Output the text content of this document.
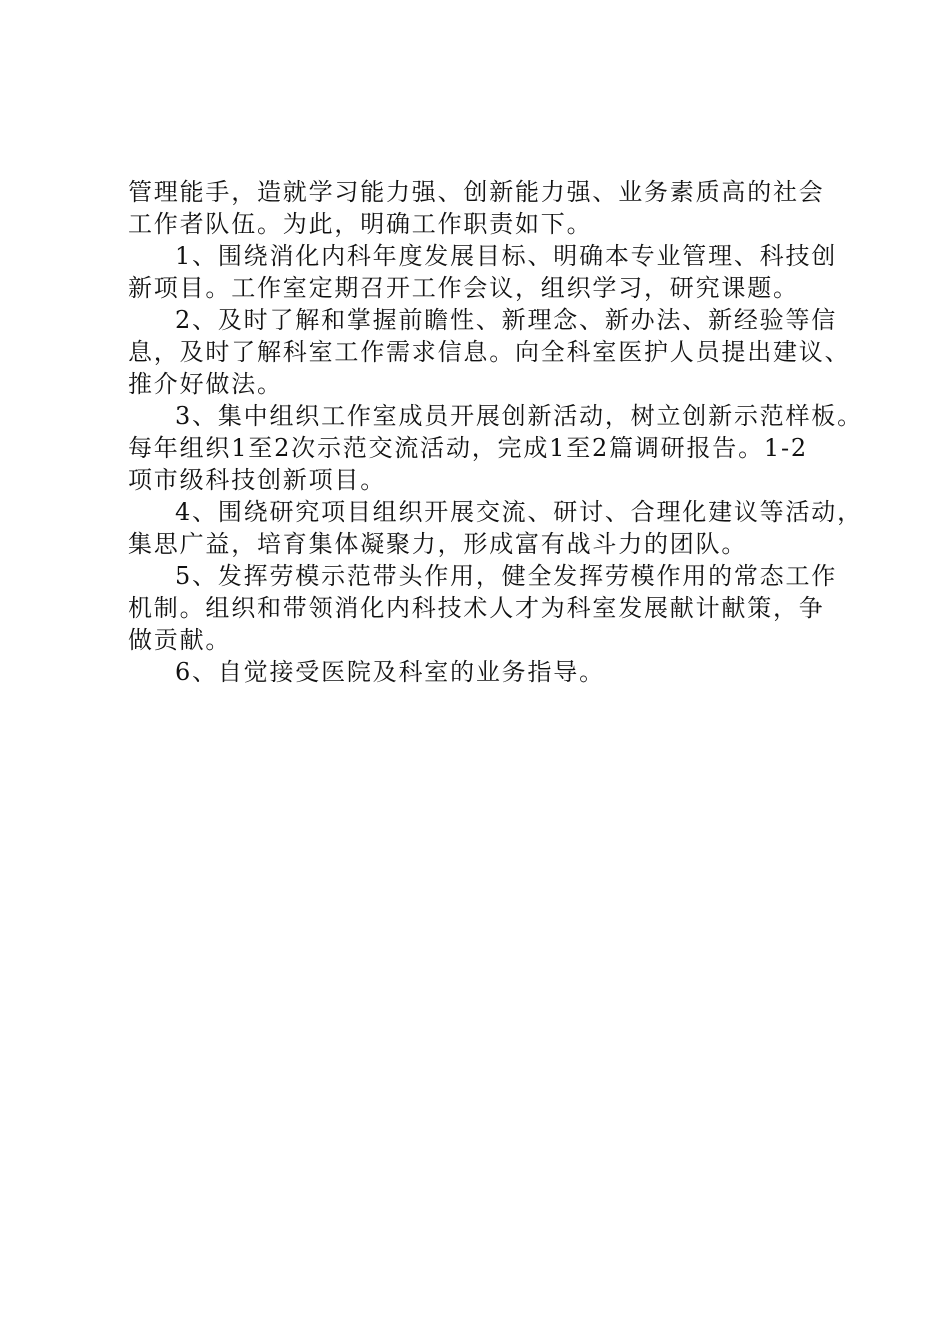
管理能手，造就学习能力强、创新能力强、业务素质高的社会
工作者队伍。为此，明确工作职责如下。
1、围绕消化内科年度发展目标、明确本专业管理、科技创
新项目。工作室定期召开工作会议，组织学习，研究课题。
2、及时了解和掌握前瞻性、新理念、新办法、新经验等信
息，及时了解科室工作需求信息。向全科室医护人员提出建议、
推介好做法。
3、集中组织工作室成员开展创新活动，树立创新示范样板。
每年组织1至2次示范交流活动，完成1至2篇调研报告。1-2
项市级科技创新项目。
4、围绕研究项目组织开展交流、研讨、合理化建议等活动，
集思广益，培育集体凝聚力，形成富有战斗力的团队。
5、发挥劳模示范带头作用，健全发挥劳模作用的常态工作
机制。组织和带领消化内科技术人才为科室发展献计献策，争
做贡献。
6、自觉接受医院及科室的业务指导。
